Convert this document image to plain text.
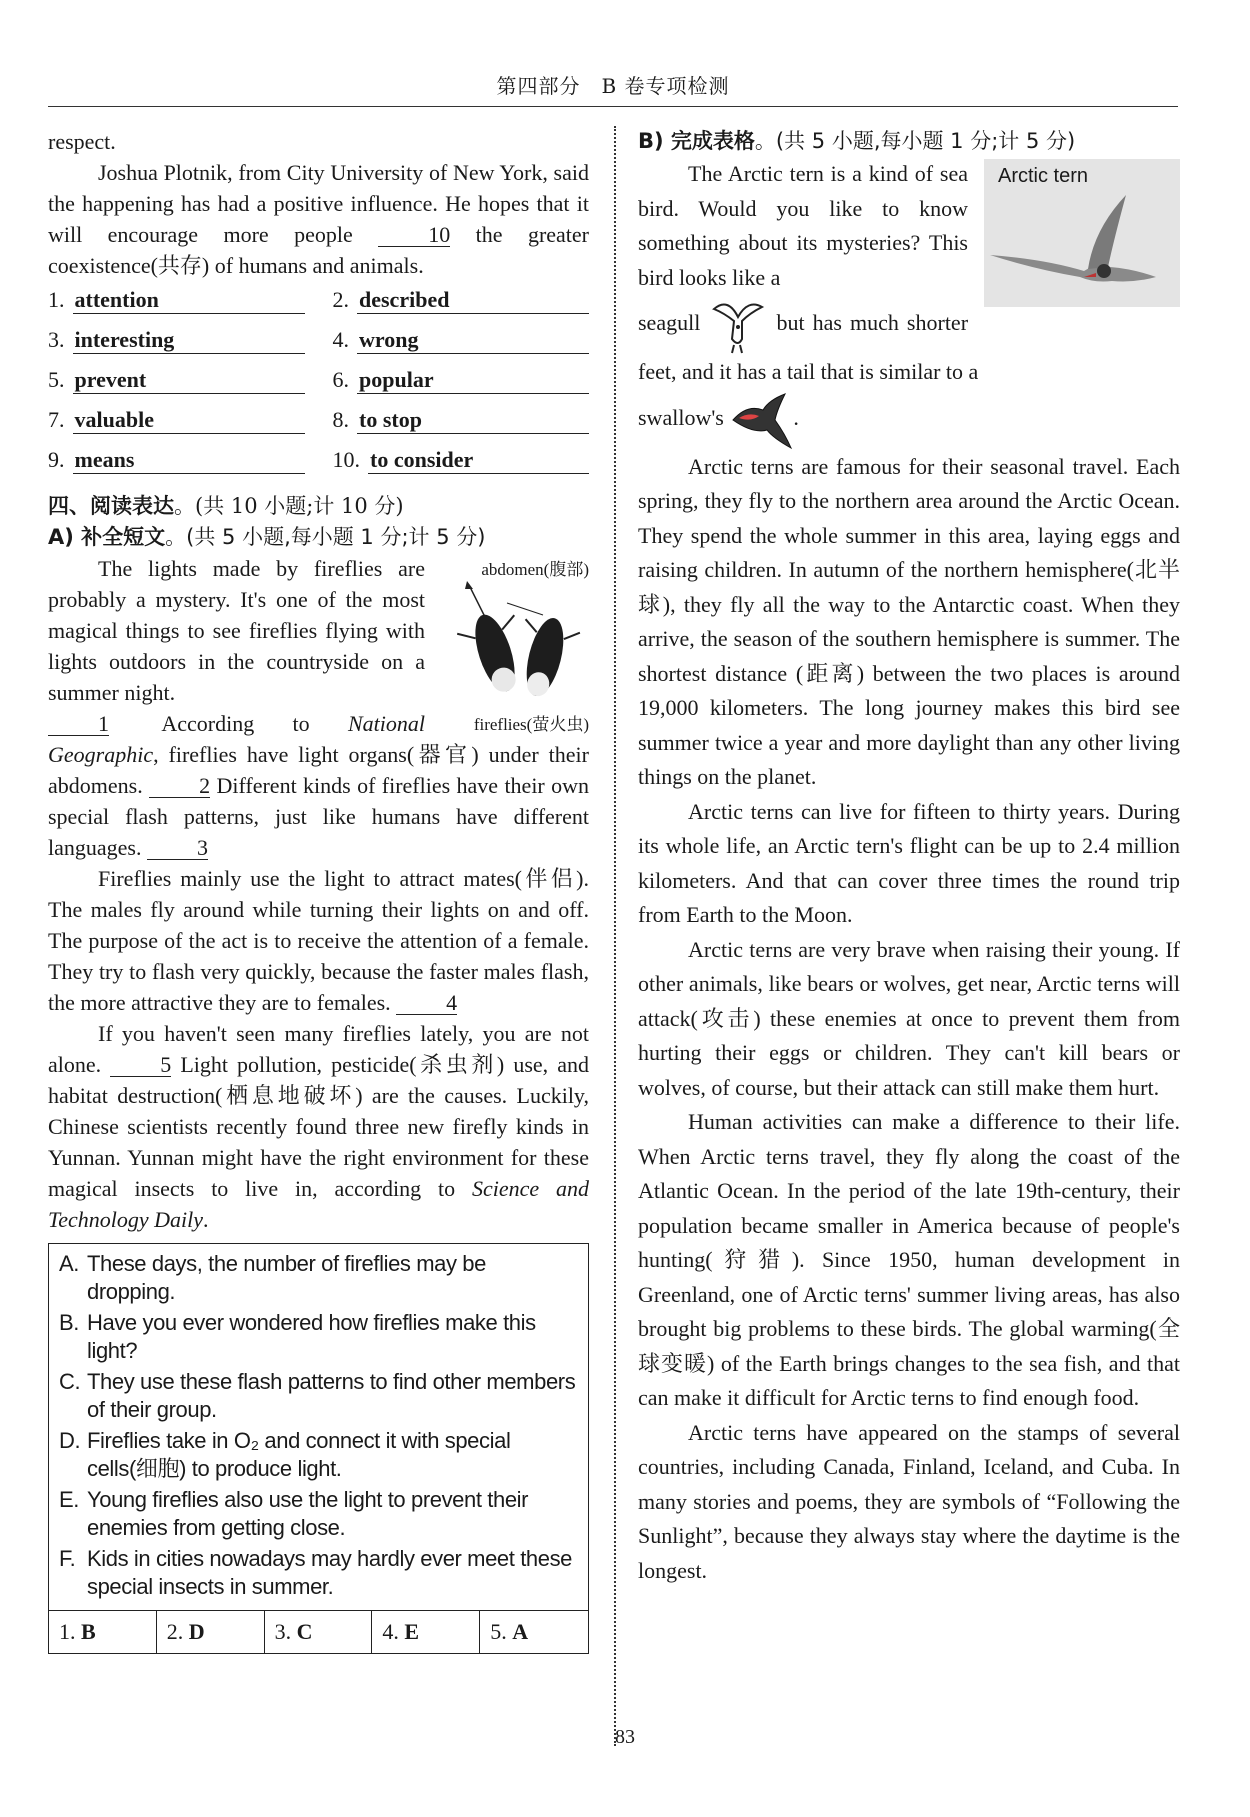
第四部分　B 卷专项检测

respect.

Joshua Plotnik, from City University of New York, said the happening has had a positive influence. He hopes that it will encourage more people	10 the greater coexistence(共存) of humans and animals.

1. attention	2. described
3. interesting	4. wrong
5. prevent	6. popular
7. valuable	8. to stop
9. means	10. to consider
四、阅读表达。(共 10 小题;计 10 分)
A) 补全短文。(共 5 小题,每小题 1 分;计 5 分)
abdomen(腹部)
fireflies(萤火虫)

The lights made by fireflies are probably a mystery. It's one of the most magical things to see fireflies flying with lights outdoors in the countryside on a summer night.
1 According to National Geographic, fireflies have light organs(器官) under their abdomens.	2 Different kinds of fireflies have their own special flash patterns, just like humans have different languages.	3

Fireflies mainly use the light to attract mates(伴侣). The males fly around while turning their lights on and off. The purpose of the act is to receive the attention of a female. They try to flash very quickly, because the faster males flash, the more attractive they are to females.	4

If you haven't seen many fireflies lately, you are not alone.	5 Light pollution, pesticide(杀虫剂) use, and habitat destruction(栖息地破坏) are the causes. Luckily, Chinese scientists recently found three new firefly kinds in Yunnan. Yunnan might have the right environment for these magical insects to live in, according to Science and Technology Daily.

A. These days, the number of fireflies may be dropping.
B. Have you ever wondered how fireflies make this light?
C. They use these flash patterns to find other members of their group.
D. Fireflies take in O₂ and connect it with special cells(细胞) to produce light.
E. Young fireflies also use the light to prevent their enemies from getting close.
F. Kids in cities nowadays may hardly ever meet these special insects in summer.
1. B	2. D	3. C	4. E	5. A
B) 完成表格。(共 5 小题,每小题 1 分;计 5 分)
Arctic tern

The Arctic tern is a kind of sea bird. Would you like to know something about its mysteries? This bird looks like a
seagull	but has much shorter feet, and it has a tail that is similar to a
swallow's	.

Arctic terns are famous for their seasonal travel. Each spring, they fly to the northern area around the Arctic Ocean. They spend the whole summer in this area, laying eggs and raising children. In autumn of the northern hemisphere(北半球), they fly all the way to the Antarctic coast. When they arrive, the season of the southern hemisphere is summer. The shortest distance (距离) between the two places is around 19,000 kilometers. The long journey makes this bird see summer twice a year and more daylight than any other living things on the planet.

Arctic terns can live for fifteen to thirty years. During its whole life, an Arctic tern's flight can be up to 2.4 million kilometers. And that can cover three times the round trip from Earth to the Moon.

Arctic terns are very brave when raising their young. If other animals, like bears or wolves, get near, Arctic terns will attack(攻击) these enemies at once to prevent them from hurting their eggs or children. They can't kill bears or wolves, of course, but their attack can still make them hurt.

Human activities can make a difference to their life. When Arctic terns travel, they fly along the coast of the Atlantic Ocean. In the period of the late 19th-century, their population became smaller in America because of people's hunting(狩猎). Since 1950, human development in Greenland, one of Arctic terns' summer living areas, has also brought big problems to these birds. The global warming(全球变暖) of the Earth brings changes to the sea fish, and that can make it difficult for Arctic terns to find enough food.

Arctic terns have appeared on the stamps of several countries, including Canada, Finland, Iceland, and Cuba. In many stories and poems, they are symbols of “Following the Sunlight”, because they always stay where the daytime is the longest.

83
